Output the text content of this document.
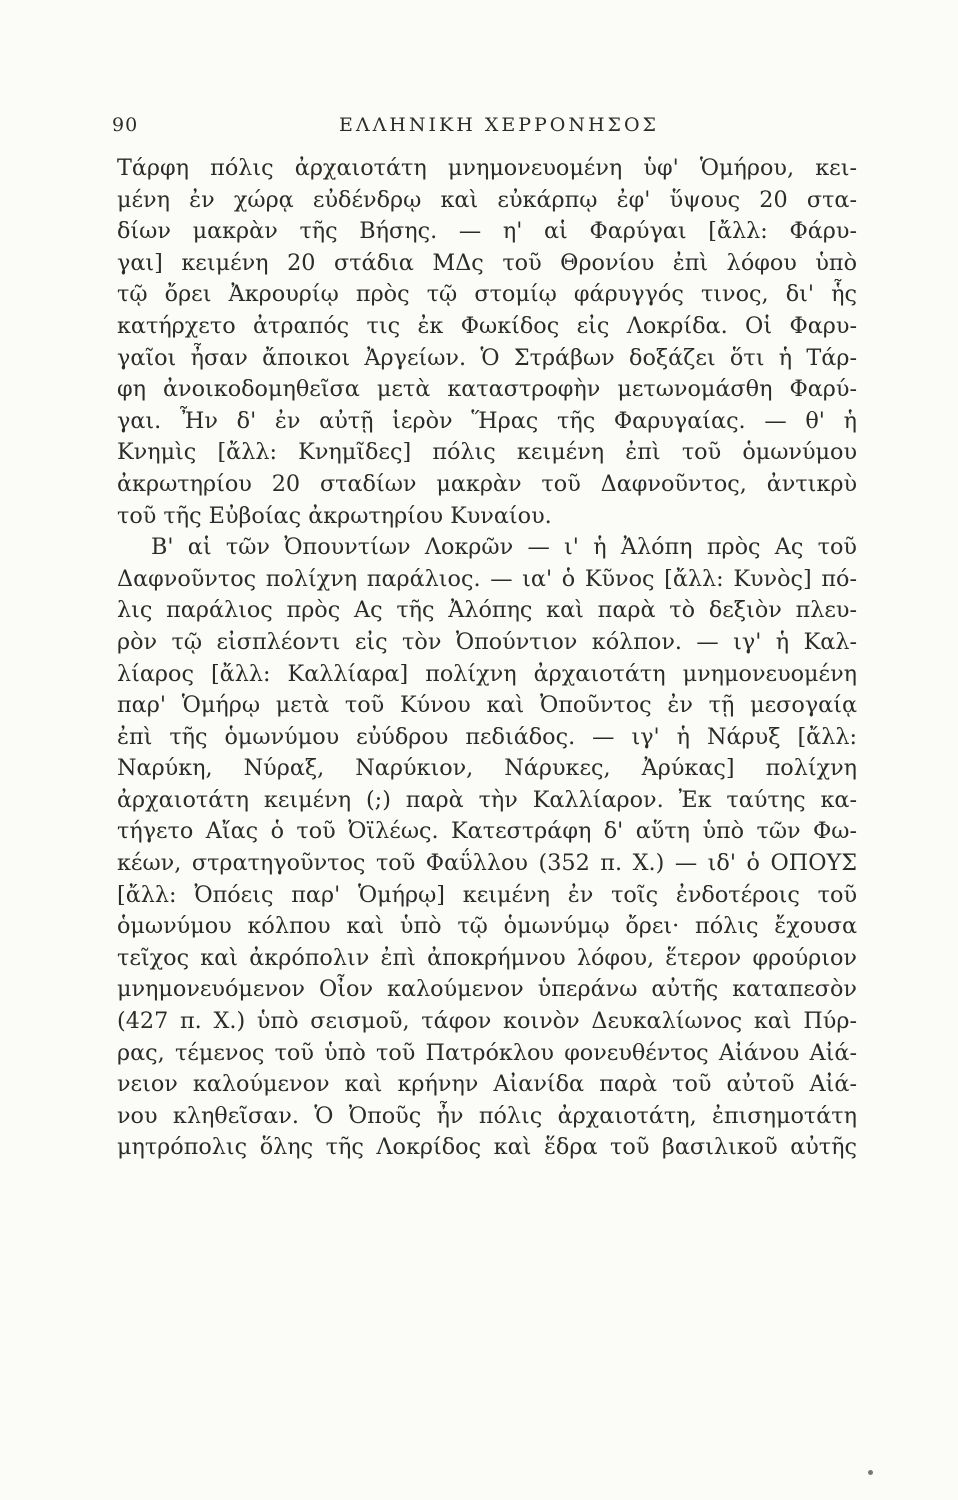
90	ΕΛΛΗΝΙΚΗ ΧΕΡΡΟΝΗΣΟΣ
Τάρφη πόλις ἀρχαιοτάτη μνημονευομένη ὑφ' Ὁμήρου, κει-
μένη ἐν χώρᾳ εὐδένδρῳ καὶ εὐκάρπῳ ἐφ' ὕψους 20 στα-
δίων μακρὰν τῆς Βήσης. — η' αἱ Φαρύγαι [ἄλλ: Φάρυ-
γαι] κειμένη 20 στάδια ΜΔς τοῦ Θρονίου ἐπὶ λόφου ὑπὸ
τῷ ὄρει Ἀκρουρίῳ πρὸς τῷ στομίῳ φάρυγγός τινος, δι' ἧς
κατήρχετο ἀτραπός τις ἐκ Φωκίδος εἰς Λοκρίδα. Οἱ Φαρυ-
γαῖοι ἦσαν ἄποικοι Ἀργείων. Ὁ Στράβων δοξάζει ὅτι ἡ Τάρ-
φη ἀνοικοδομηθεῖσα μετὰ καταστροφὴν μετωνομάσθη Φαρύ-
γαι. Ἦν δ' ἐν αὐτῇ ἱερὸν Ἥρας τῆς Φαρυγαίας. — θ' ἡ
Κνημὶς [ἄλλ: Κνημῖδες] πόλις κειμένη ἐπὶ τοῦ ὁμωνύμου
ἀκρωτηρίου 20 σταδίων μακρὰν τοῦ Δαφνοῦντος, ἀντικρὺ
τοῦ τῆς Εὐβοίας ἀκρωτηρίου Κυναίου.
Β' αἱ τῶν Ὀπουντίων Λοκρῶν — ι' ἡ Ἀλόπη πρὸς Ας τοῦ
Δαφνοῦντος πολίχνη παράλιος. — ια' ὁ Κῦνος [ἄλλ: Κυνὸς] πό-
λις παράλιος πρὸς Ας τῆς Ἀλόπης καὶ παρὰ τὸ δεξιὸν πλευ-
ρὸν τῷ εἰσπλέοντι εἰς τὸν Ὀπούντιον κόλπον. — ιγ' ἡ Καλ-
λίαρος [ἄλλ: Καλλίαρα] πολίχνη ἀρχαιοτάτη μνημονευομένη
παρ' Ὁμήρῳ μετὰ τοῦ Κύνου καὶ Ὀποῦντος ἐν τῇ μεσογαίᾳ
ἐπὶ τῆς ὁμωνύμου εὐύδρου πεδιάδος. — ιγ' ἡ Νάρυξ [ἄλλ:
Ναρύκη, Νύραξ, Ναρύκιον, Νάρυκες, Ἀρύκας] πολίχνη
ἀρχαιοτάτη κειμένη (;) παρὰ τὴν Καλλίαρον. Ἐκ ταύτης κα-
τήγετο Αἴας ὁ τοῦ Ὀϊλέως. Κατεστράφη δ' αὕτη ὑπὸ τῶν Φω-
κέων, στρατηγοῦντος τοῦ Φαΰλλου (352 π. Χ.) — ιδ' ὁ ΟΠΟΥΣ
[ἄλλ: Ὀπόεις παρ' Ὁμήρῳ] κειμένη ἐν τοῖς ἐνδοτέροις τοῦ
ὁμωνύμου κόλπου καὶ ὑπὸ τῷ ὁμωνύμῳ ὄρει· πόλις ἔχουσα
τεῖχος καὶ ἀκρόπολιν ἐπὶ ἀποκρήμνου λόφου, ἕτερον φρούριον
μνημονευόμενον Οἶον καλούμενον ὑπεράνω αὐτῆς καταπεσὸν
(427 π. Χ.) ὑπὸ σεισμοῦ, τάφον κοινὸν Δευκαλίωνος καὶ Πύρ-
ρας, τέμενος τοῦ ὑπὸ τοῦ Πατρόκλου φονευθέντος Αἰάνου Αἰά-
νειον καλούμενον καὶ κρήνην Αἰανίδα παρὰ τοῦ αὐτοῦ Αἰά-
νου κληθεῖσαν. Ὁ Ὀποῦς ἦν πόλις ἀρχαιοτάτη, ἐπισημοτάτη
μητρόπολις ὅλης τῆς Λοκρίδος καὶ ἕδρα τοῦ βασιλικοῦ αὐτῆς
